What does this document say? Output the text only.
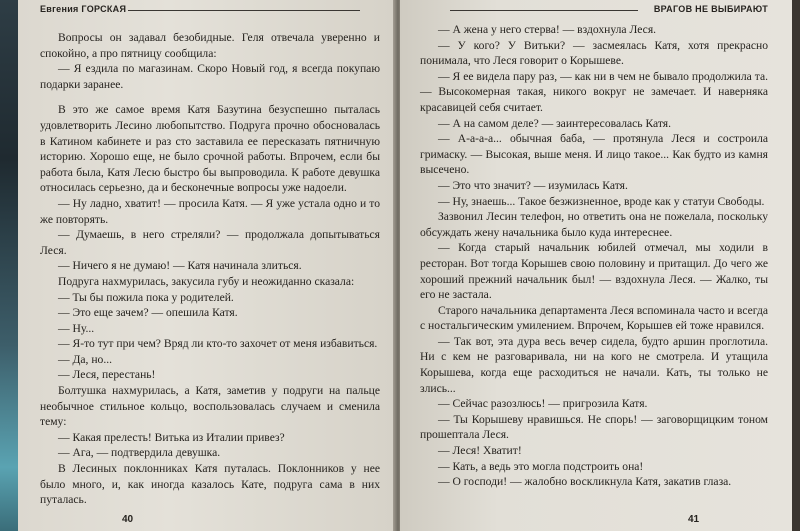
Евгения ГОРСКАЯ

Вопросы он задавал безобидные. Геля отвечала уверенно и спокойно, а про пятницу сообщила:

— Я ездила по магазинам. Скоро Новый год, я всегда покупаю подарки заранее.

В это же самое время Катя Базутина безуспешно пыталась удовлетворить Лесино любопытство. Подруга прочно обосновалась в Катином кабинете и раз сто заставила ее пересказать пятничную историю. Хорошо еще, не было срочной работы. Впрочем, если бы работа была, Катя Лесю быстро бы выпроводила. К работе девушка относилась серьезно, да и бесконечные вопросы уже надоели.

— Ну ладно, хватит! — просила Катя. — Я уже устала одно и то же повторять.

— Думаешь, в него стреляли? — продолжала допытываться Леся.

— Ничего я не думаю! — Катя начинала злиться.

Подруга нахмурилась, закусила губу и неожиданно сказала:

— Ты бы пожила пока у родителей.

— Это еще зачем? — опешила Катя.

— Ну...

— Я-то тут при чем? Вряд ли кто-то захочет от меня избавиться.

— Да, но...

— Леся, перестань!

Болтушка нахмурилась, а Катя, заметив у подруги на пальце необычное стильное кольцо, воспользовалась случаем и сменила тему:

— Какая прелесть! Витька из Италии привез?

— Ага, — подтвердила девушка.

В Лесиных поклонниках Катя путалась. Поклонников у нее было много, и, как иногда казалось Кате, подруга сама в них путалась.

40
ВРАГОВ НЕ ВЫБИРАЮТ

— А жена у него стерва! — вздохнула Леся.

— У кого? У Витьки? — засмеялась Катя, хотя прекрасно понимала, что Леся говорит о Корышеве.

— Я ее видела пару раз, — как ни в чем не бывало продолжила та. — Высокомерная такая, никого вокруг не замечает. И наверняка красавицей себя считает.

— А на самом деле? — заинтересовалась Катя.

— А-а-а-а... обычная баба, — протянула Леся и состроила гримаску. — Высокая, выше меня. И лицо такое... Как будто из камня высечено.

— Это что значит? — изумилась Катя.

— Ну, знаешь... Такое безжизненное, вроде как у статуи Свободы.

Зазвонил Лесин телефон, но ответить она не пожелала, поскольку обсуждать жену начальника было куда интереснее.

— Когда старый начальник юбилей отмечал, мы ходили в ресторан. Вот тогда Корышев свою половину и притащил. До чего же хороший прежний начальник был! — вздохнула Леся. — Жалко, ты его не застала.

Старого начальника департамента Леся вспоминала часто и всегда с ностальгическим умилением. Впрочем, Корышев ей тоже нравился.

— Так вот, эта дура весь вечер сидела, будто аршин проглотила. Ни с кем не разговаривала, ни на кого не смотрела. И утащила Корышева, когда еще расходиться не начали. Кать, ты только не злись...

— Сейчас разозлюсь! — пригрозила Катя.

— Ты Корышеву нравишься. Не спорь! — заговорщицким тоном прошептала Леся.

— Леся! Хватит!

— Кать, а ведь это могла подстроить она!

— О господи! — жалобно воскликнула Катя, закатив глаза.

41
